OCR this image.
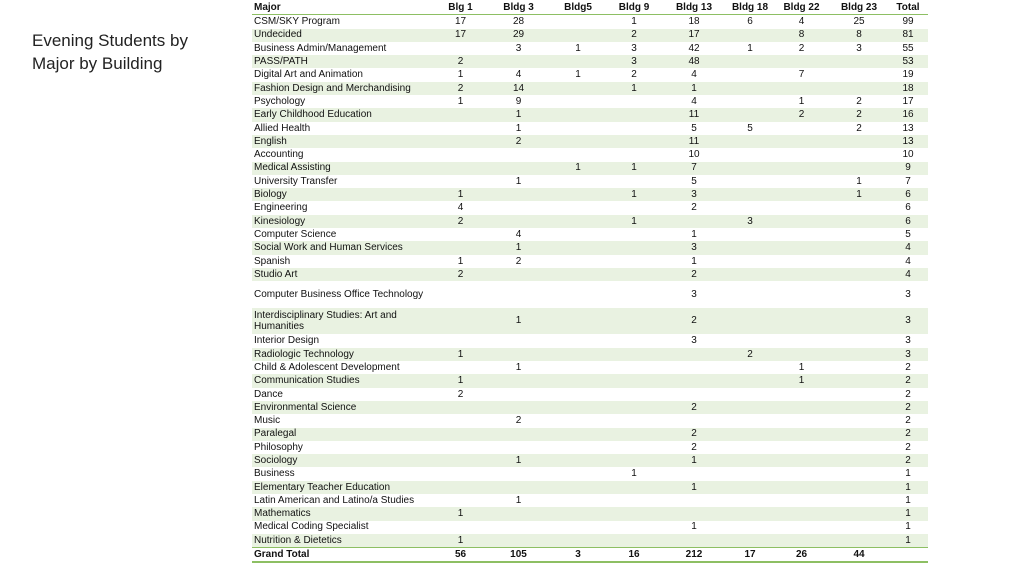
Evening Students by
Major by Building
Major	Blg 1	Bldg 3	Bldg5	Bldg 9	Bldg 13	Bldg 18	Bldg 22	Bldg 23	Total
CSM/SKY Program	17	28		1	18	6	4	25	99
Undecided	17	29		2	17		8	8	81
Business Admin/Management		3	1	3	42	1	2	3	55
PASS/PATH	2			3	48				53
Digital Art and Animation	1	4	1	2	4		7		19
Fashion Design and Merchandising	2	14		1	1				18
Psychology	1	9			4		1	2	17
Early Childhood Education		1			11		2	2	16
Allied Health		1			5	5		2	13
English		2			11				13
Accounting					10				10
Medical Assisting			1	1	7				9
University Transfer		1			5			1	7
Biology	1			1	3			1	6
Engineering	4				2				6
Kinesiology	2			1		3			6
Computer Science		4			1				5
Social Work and Human Services		1			3				4
Spanish	1	2			1				4
Studio Art	2				2				4
Computer Business Office Technology					3				3
Interdisciplinary Studies: Art and Humanities		1			2				3
Interior Design					3				3
Radiologic Technology	1					2			3
Child & Adolescent Development		1					1		2
Communication Studies	1						1		2
Dance	2								2
Environmental Science					2				2
Music		2							2
Paralegal					2				2
Philosophy					2				2
Sociology		1			1				2
Business				1					1
Elementary Teacher Education					1				1
Latin American and Latino/a Studies		1							1
Mathematics	1								1
Medical Coding Specialist					1				1
Nutrition & Dietetics	1								1
Grand Total	56	105	3	16	212	17	26	44	
